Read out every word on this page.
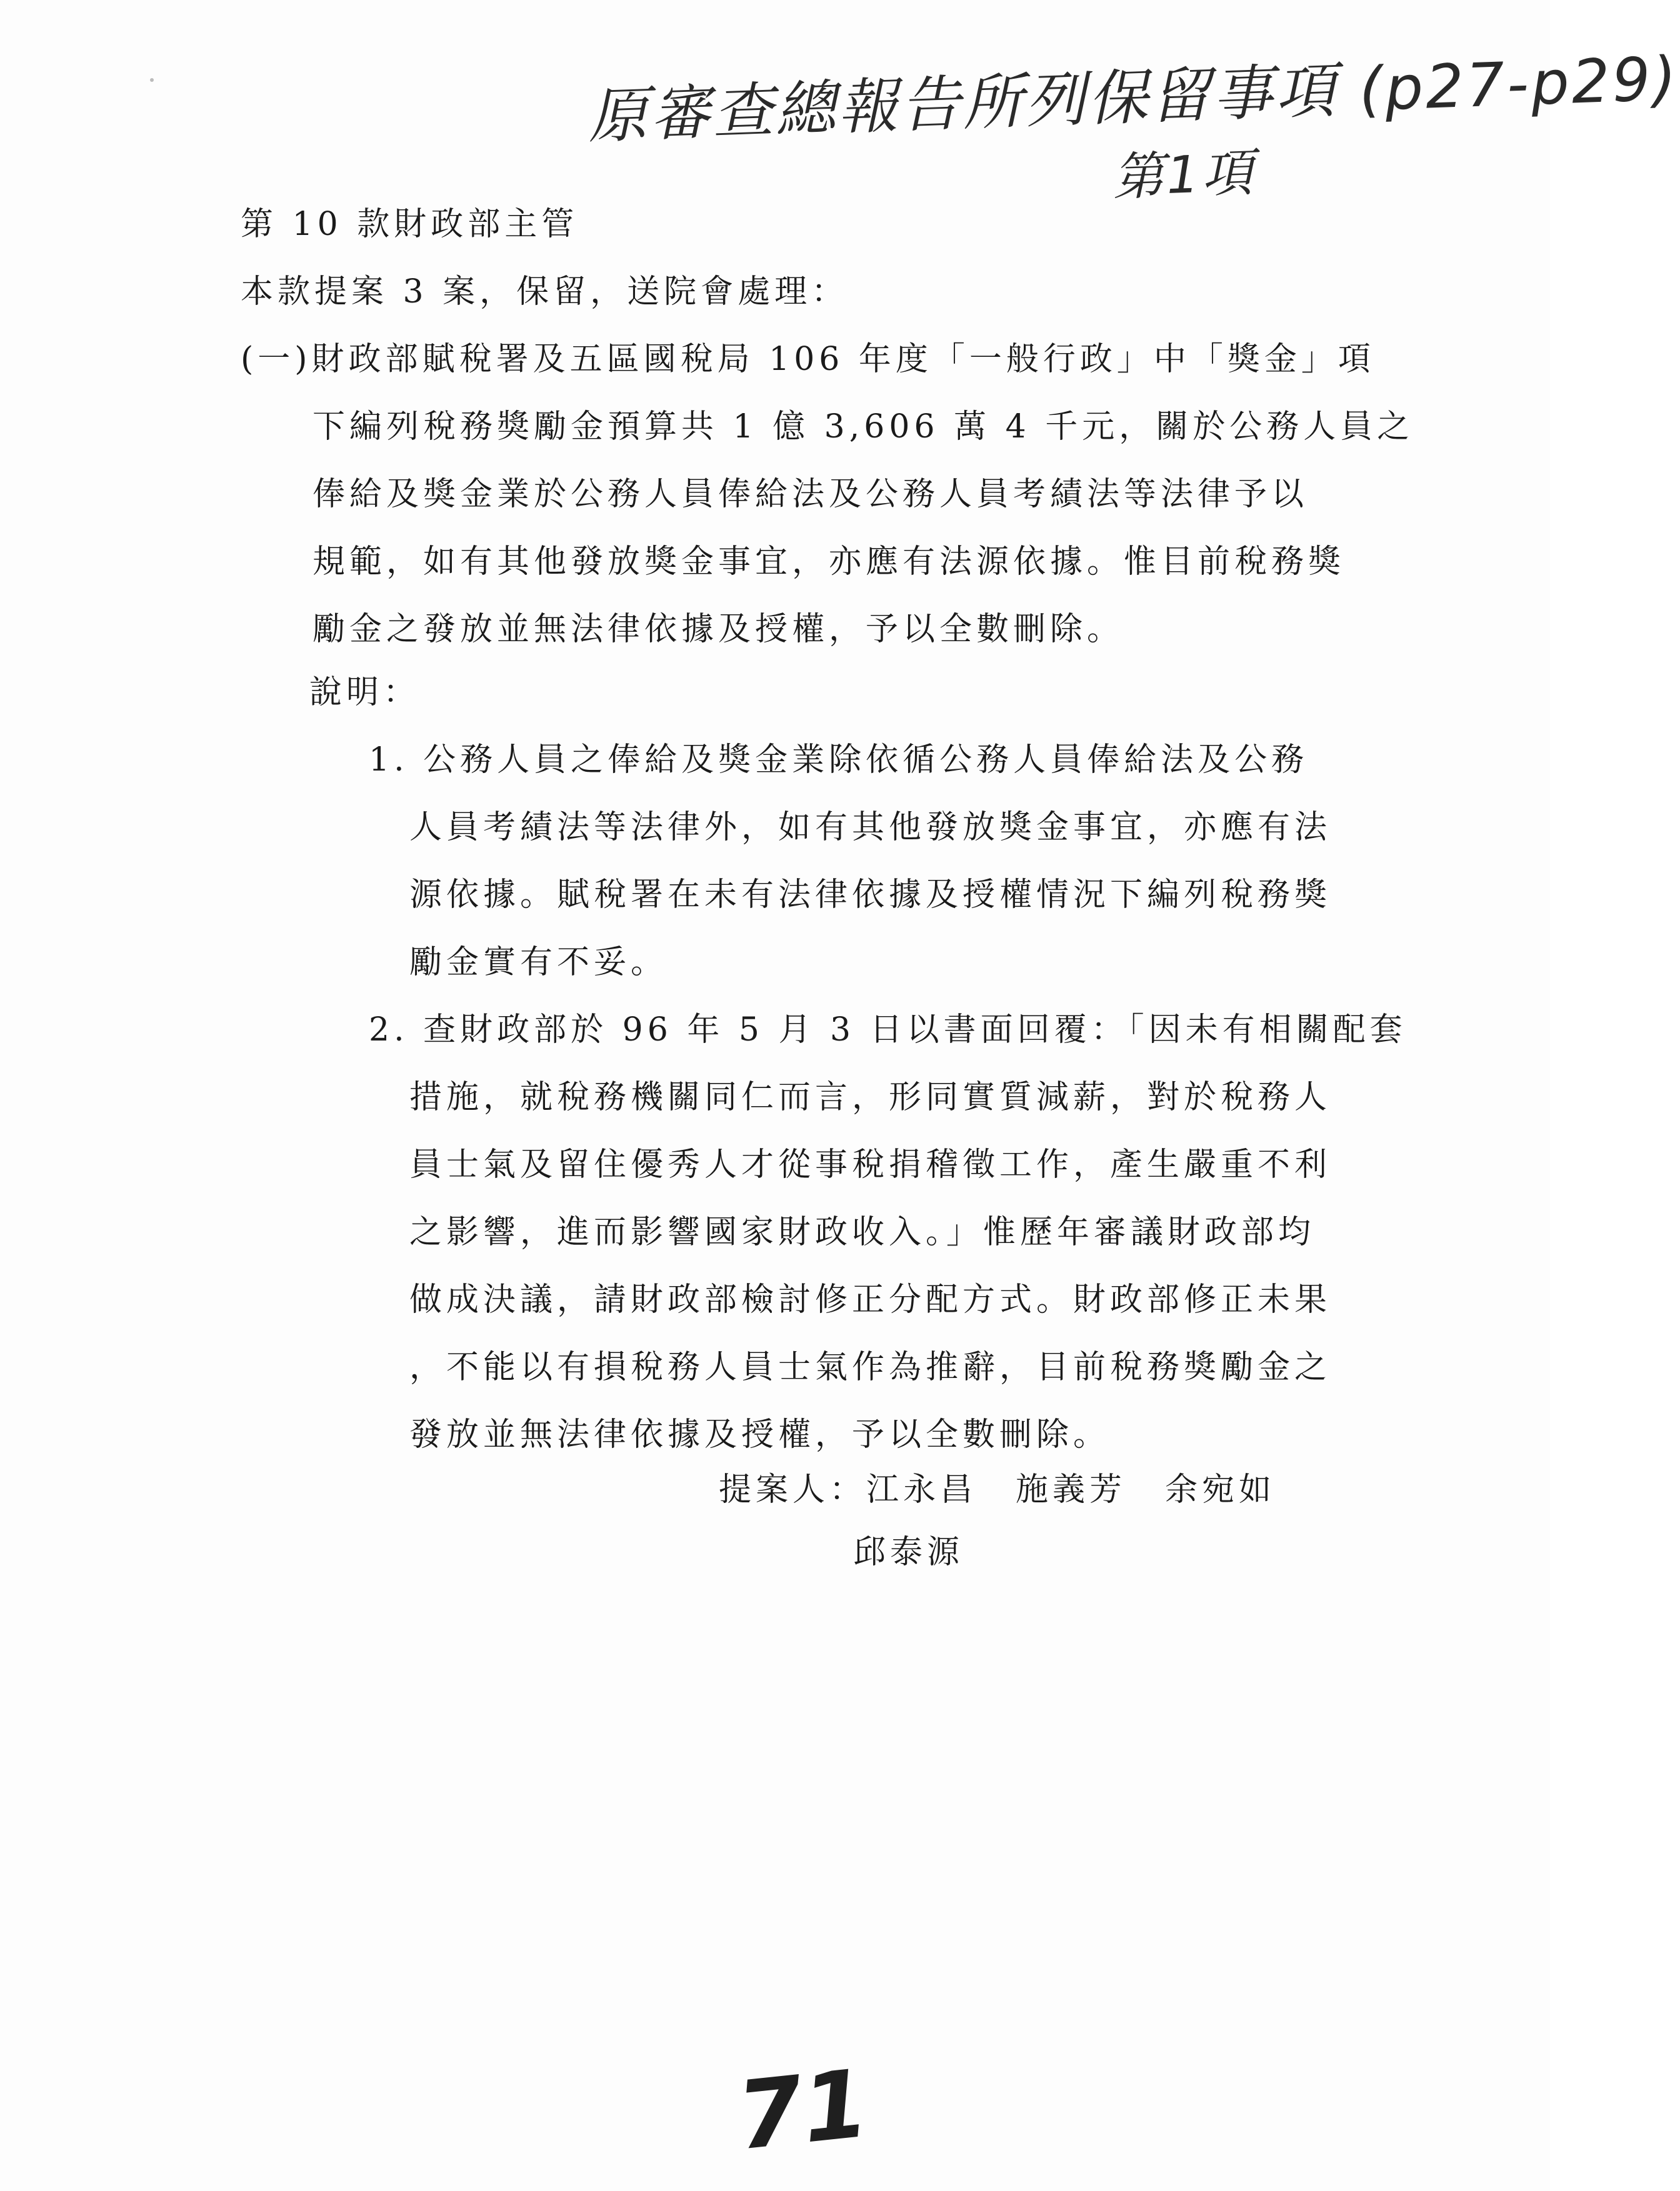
原審查總報告所列保留事項 (p27-p29)
第1項
第 10 款財政部主管
本款提案 3 案，保留，送院會處理：
(一)財政部賦稅署及五區國稅局 106 年度「一般行政」中「獎金」項
下編列稅務獎勵金預算共 1 億 3,606 萬 4 千元，關於公務人員之
俸給及獎金業於公務人員俸給法及公務人員考績法等法律予以
規範，如有其他發放獎金事宜，亦應有法源依據。惟目前稅務獎
勵金之發放並無法律依據及授權，予以全數刪除。
說明：
1. 公務人員之俸給及獎金業除依循公務人員俸給法及公務
人員考績法等法律外，如有其他發放獎金事宜，亦應有法
源依據。賦稅署在未有法律依據及授權情況下編列稅務獎
勵金實有不妥。
2. 查財政部於 96 年 5 月 3 日以書面回覆：「因未有相關配套
措施，就稅務機關同仁而言，形同實質減薪，對於稅務人
員士氣及留住優秀人才從事稅捐稽徵工作，產生嚴重不利
之影響，進而影響國家財政收入。」惟歷年審議財政部均
做成決議，請財政部檢討修正分配方式。財政部修正未果
，不能以有損稅務人員士氣作為推辭，目前稅務獎勵金之
發放並無法律依據及授權，予以全數刪除。
提案人：江永昌 施義芳 余宛如
邱泰源
71
